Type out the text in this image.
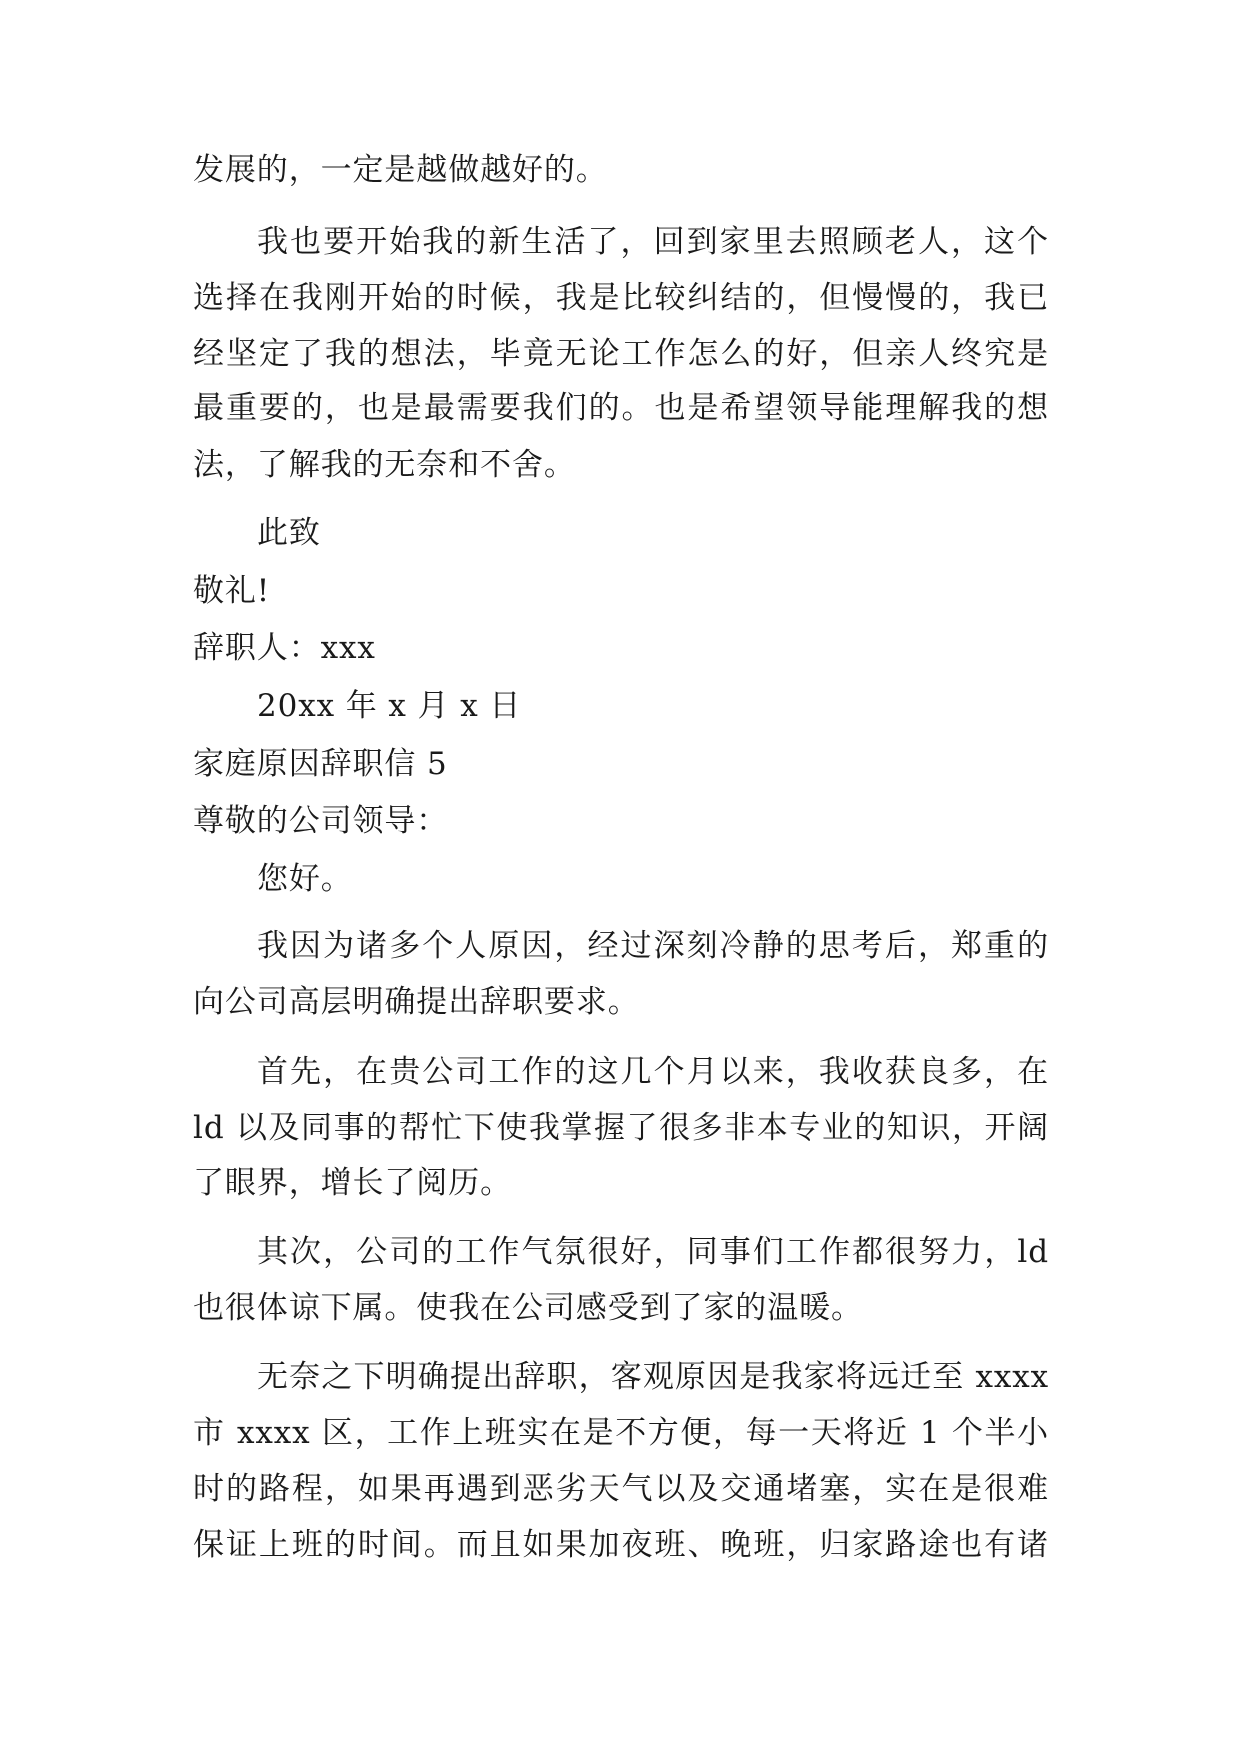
发展的，一定是越做越好的。
我也要开始我的新生活了，回到家里去照顾老人，这个
选择在我刚开始的时候，我是比较纠结的，但慢慢的，我已
经坚定了我的想法，毕竟无论工作怎么的好，但亲人终究是
最重要的，也是最需要我们的。也是希望领导能理解我的想
法，了解我的无奈和不舍。
此致
敬礼!
辞职人：xxx
20xx 年 x 月 x 日
家庭原因辞职信 5
尊敬的公司领导：
您好。
我因为诸多个人原因，经过深刻冷静的思考后，郑重的
向公司高层明确提出辞职要求。
首先，在贵公司工作的这几个月以来，我收获良多，在
ld 以及同事的帮忙下使我掌握了很多非本专业的知识，开阔
了眼界，增长了阅历。
其次，公司的工作气氛很好，同事们工作都很努力，ld
也很体谅下属。使我在公司感受到了家的温暖。
无奈之下明确提出辞职，客观原因是我家将远迁至 xxxx
市 xxxx 区，工作上班实在是不方便，每一天将近 1 个半小
时的路程，如果再遇到恶劣天气以及交通堵塞，实在是很难
保证上班的时间。而且如果加夜班、晚班，归家路途也有诸
